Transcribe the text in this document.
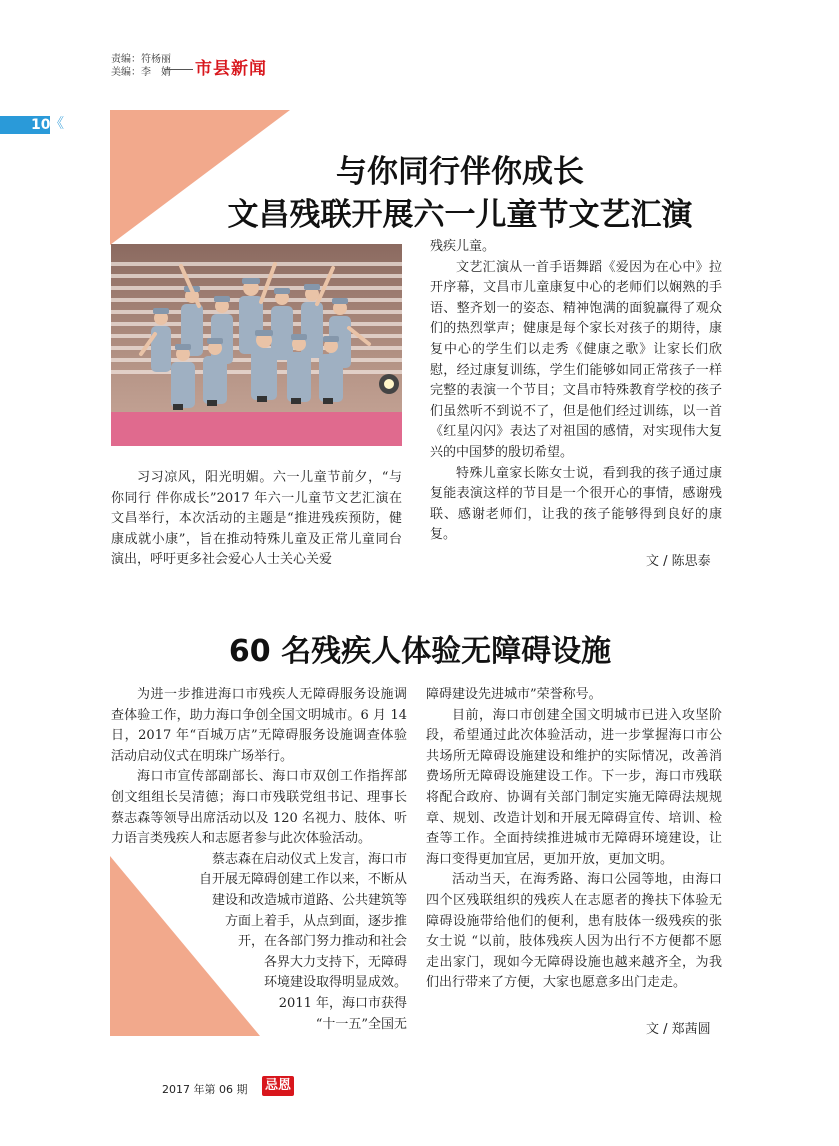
责编：符杨丽
美编：李　婧	市县新闻
10 《
与你同行伴你成长
文昌残联开展六一儿童节文艺汇演

习习凉风，阳光明媚。六一儿童节前夕，“与你同行 伴你成长”2017 年六一儿童节文艺汇演在文昌举行，本次活动的主题是“推进残疾预防，健康成就小康”，旨在推动特殊儿童及正常儿童同台演出，呼吁更多社会爱心人士关心关爱

残疾儿童。

文艺汇演从一首手语舞蹈《爱因为在心中》拉开序幕，文昌市儿童康复中心的老师们以娴熟的手语、整齐划一的姿态、精神饱满的面貌赢得了观众们的热烈掌声；健康是每个家长对孩子的期待，康复中心的学生们以走秀《健康之歌》让家长们欣慰，经过康复训练，学生们能够如同正常孩子一样完整的表演一个节目；文昌市特殊教育学校的孩子们虽然听不到说不了，但是他们经过训练，以一首《红星闪闪》表达了对祖国的感情，对实现伟大复兴的中国梦的殷切希望。

特殊儿童家长陈女士说，看到我的孩子通过康复能表演这样的节目是一个很开心的事情，感谢残联、感谢老师们，让我的孩子能够得到良好的康复。

文 / 陈思泰
60 名残疾人体验无障碍设施

为进一步推进海口市残疾人无障碍服务设施调查体验工作，助力海口争创全国文明城市。6 月 14 日，2017 年“百城万店”无障碍服务设施调查体验活动启动仪式在明珠广场举行。

海口市宣传部副部长、海口市双创工作指挥部创文组组长吴清德；海口市残联党组书记、理事长蔡志森等领导出席活动以及 120 名视力、肢体、听力语言类残疾人和志愿者参与此次体验活动。

蔡志森在启动仪式上发言，海口市

自开展无障碍创建工作以来，不断从

建设和改造城市道路、公共建筑等

方面上着手，从点到面，逐步推

开，在各部门努力推动和社会

各界大力支持下，无障碍

环境建设取得明显成效。

2011 年，海口市获得

“十一五”全国无

障碍建设先进城市”荣誉称号。

目前，海口市创建全国文明城市已进入攻坚阶段，希望通过此次体验活动，进一步掌握海口市公共场所无障碍设施建设和维护的实际情况，改善消费场所无障碍设施建设工作。下一步，海口市残联将配合政府、协调有关部门制定实施无障碍法规规章、规划、改造计划和开展无障碍宣传、培训、检查等工作。全面持续推进城市无障碍环境建设，让海口变得更加宜居，更加开放，更加文明。

活动当天，在海秀路、海口公园等地，由海口四个区残联组织的残疾人在志愿者的搀扶下体验无障碍设施带给他们的便利，患有肢体一级残疾的张女士说 “以前，肢体残疾人因为出行不方便都不愿走出家门，现如今无障碍设施也越来越齐全，为我们出行带来了方便，大家也愿意多出门走走。

文 / 郑茜圆
2017 年第 06 期 忌恩
